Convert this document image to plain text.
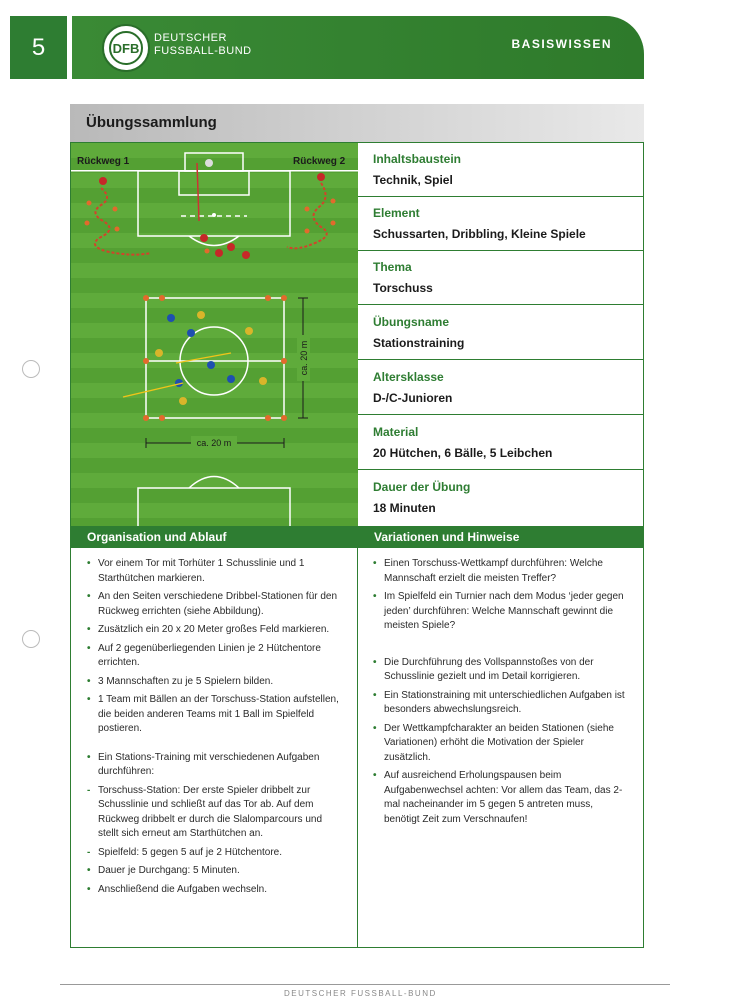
5	DFB
DEUTSCHER
FUSSBALL-BUND	BASISWISSEN
Übungssammlung
Rückweg 1	Rückweg 2
ca. 20 m
ca. 20 m
Inhaltsbaustein
Technik, Spiel
Element
Schussarten, Dribbling, Kleine Spiele
Thema
Torschuss
Übungsname
Stationstraining
Altersklasse
D-/C-Junioren
Material
20 Hütchen, 6 Bälle, 5 Leibchen
Dauer der Übung
18 Minuten
Organisation und Ablauf	Variationen und Hinweise
• Vor einem Tor mit Torhüter 1 Schusslinie und 1 Starthütchen markieren.
• An den Seiten verschiedene Dribbel-Stationen für den Rückweg errichten (siehe Abbildung).
• Zusätzlich ein 20 x 20 Meter großes Feld markieren.
• Auf 2 gegenüberliegenden Linien je 2 Hütchentore errichten.
• 3 Mannschaften zu je 5 Spielern bilden.
• 1 Team mit Bällen an der Torschuss-Station aufstellen, die beiden anderen Teams mit 1 Ball im Spielfeld postieren.
• Ein Stations-Training mit verschiedenen Aufgaben durchführen:
- Torschuss-Station: Der erste Spieler dribbelt zur Schusslinie und schließt auf das Tor ab. Auf dem Rückweg dribbelt er durch die Slalomparcours und stellt sich erneut am Starthütchen an.
- Spielfeld: 5 gegen 5 auf je 2 Hütchentore.
• Dauer je Durchgang: 5 Minuten.
• Anschließend die Aufgaben wechseln.
• Einen Torschuss-Wettkampf durchführen: Welche Mannschaft erzielt die meisten Treffer?
• Im Spielfeld ein Turnier nach dem Modus ‘jeder gegen jeden’ durchführen: Welche Mannschaft gewinnt die meisten Spiele?
• Die Durchführung des Vollspannstoßes von der Schusslinie gezielt und im Detail korrigieren.
• Ein Stationstraining mit unterschiedlichen Aufgaben ist besonders abwechslungsreich.
• Der Wettkampfcharakter an beiden Stationen (siehe Variationen) erhöht die Motivation der Spieler zusätzlich.
• Auf ausreichend Erholungspausen beim Aufgabenwechsel achten: Vor allem das Team, das 2-mal nacheinander im 5 gegen 5 antreten muss, benötigt Zeit zum Verschnaufen!
DEUTSCHER FUSSBALL-BUND
